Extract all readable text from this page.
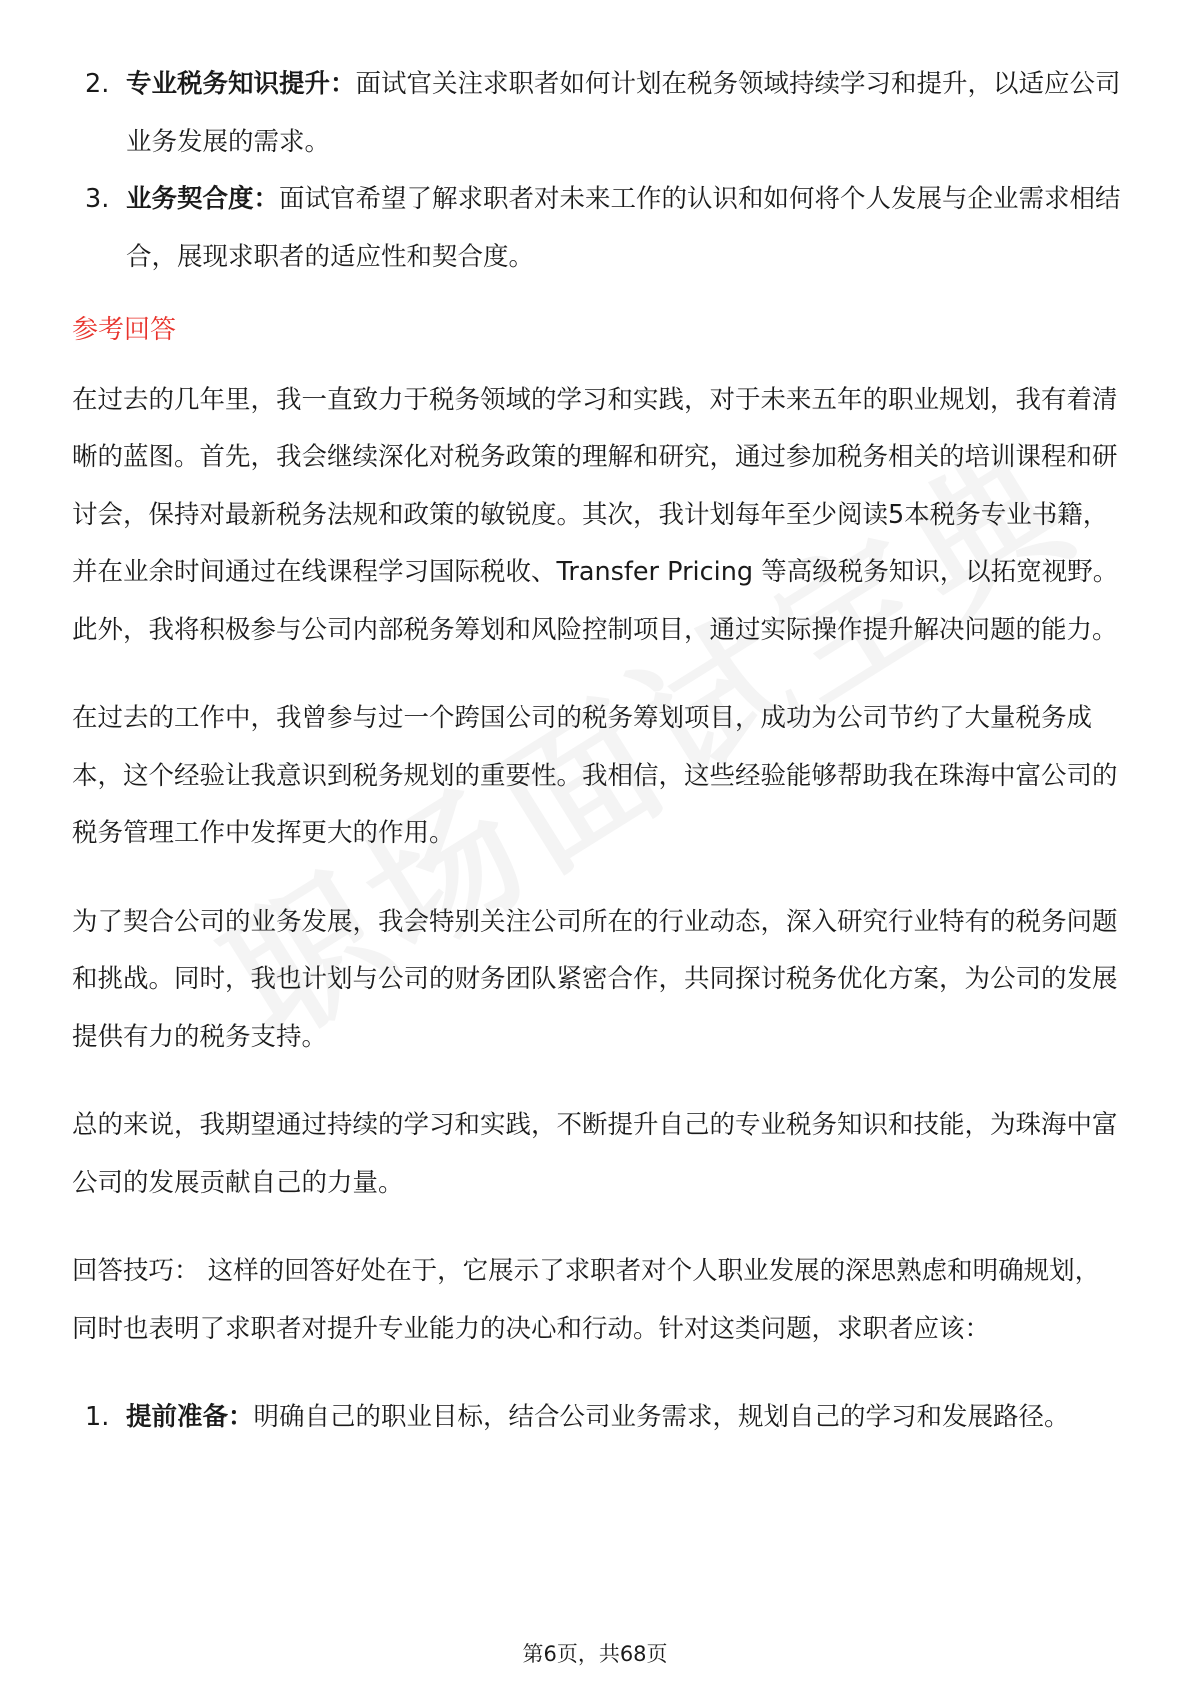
2. 专业税务知识提升：面试官关注求职者如何计划在税务领域持续学习和提升，以适应公司业务发展的需求。
3. 业务契合度：面试官希望了解求职者对未来工作的认识和如何将个人发展与企业需求相结合，展现求职者的适应性和契合度。
参考回答

在过去的几年里，我一直致力于税务领域的学习和实践，对于未来五年的职业规划，我有着清晰的蓝图。首先，我会继续深化对税务政策的理解和研究，通过参加税务相关的培训课程和研讨会，保持对最新税务法规和政策的敏锐度。其次，我计划每年至少阅读5本税务专业书籍，并在业余时间通过在线课程学习国际税收、Transfer Pricing 等高级税务知识，以拓宽视野。此外，我将积极参与公司内部税务筹划和风险控制项目，通过实际操作提升解决问题的能力。

在过去的工作中，我曾参与过一个跨国公司的税务筹划项目，成功为公司节约了大量税务成本，这个经验让我意识到税务规划的重要性。我相信，这些经验能够帮助我在珠海中富公司的税务管理工作中发挥更大的作用。

为了契合公司的业务发展，我会特别关注公司所在的行业动态，深入研究行业特有的税务问题和挑战。同时，我也计划与公司的财务团队紧密合作，共同探讨税务优化方案，为公司的发展提供有力的税务支持。

总的来说，我期望通过持续的学习和实践，不断提升自己的专业税务知识和技能，为珠海中富公司的发展贡献自己的力量。

回答技巧： 这样的回答好处在于，它展示了求职者对个人职业发展的深思熟虑和明确规划，同时也表明了求职者对提升专业能力的决心和行动。针对这类问题，求职者应该：

1. 提前准备：明确自己的职业目标，结合公司业务需求，规划自己的学习和发展路径。
第6页，共68页
